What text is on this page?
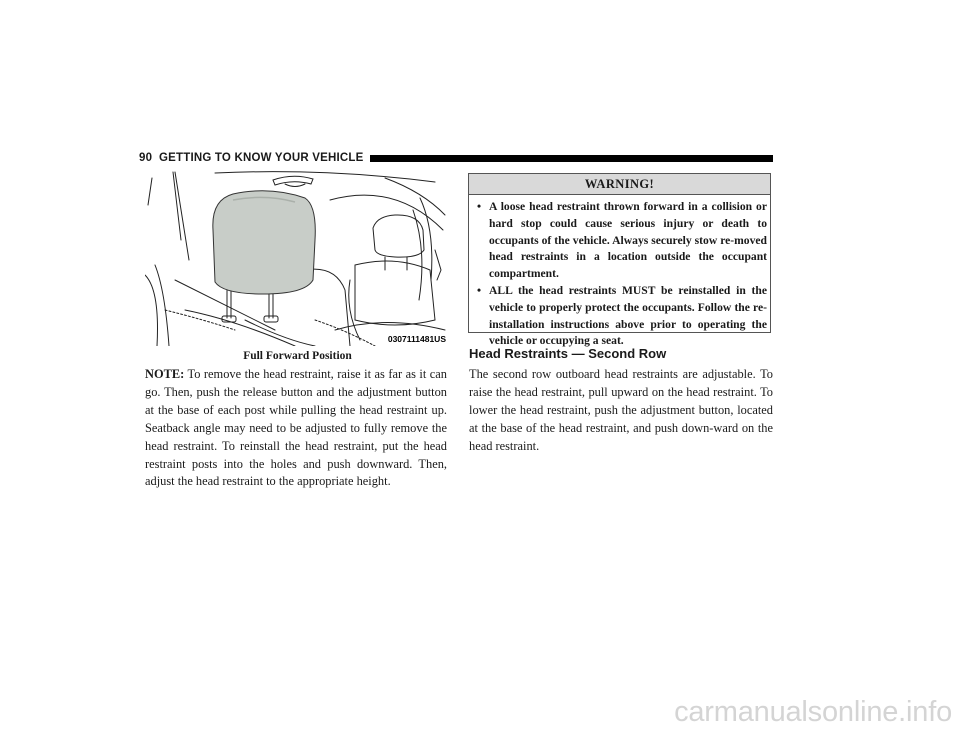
90 GETTING TO KNOW YOUR VEHICLE
0307111481US
Full Forward Position

NOTE: To remove the head restraint, raise it as far as it can go. Then, push the release button and the adjustment button at the base of each post while pulling the head restraint up. Seatback angle may need to be adjusted to fully remove the head restraint. To reinstall the head restraint, put the head restraint posts into the holes and push downward. Then, adjust the head restraint to the appropriate height.

WARNING!
• A loose head restraint thrown forward in a collision or hard stop could cause serious injury or death to occupants of the vehicle. Always securely stow re-moved head restraints in a location outside the occupant compartment.
• ALL the head restraints MUST be reinstalled in the vehicle to properly protect the occupants. Follow the re-installation instructions above prior to operating the vehicle or occupying a seat.
Head Restraints — Second Row

The second row outboard head restraints are adjustable. To raise the head restraint, pull upward on the head restraint. To lower the head restraint, push the adjustment button, located at the base of the head restraint, and push down-ward on the head restraint.

carmanualsonline.info
